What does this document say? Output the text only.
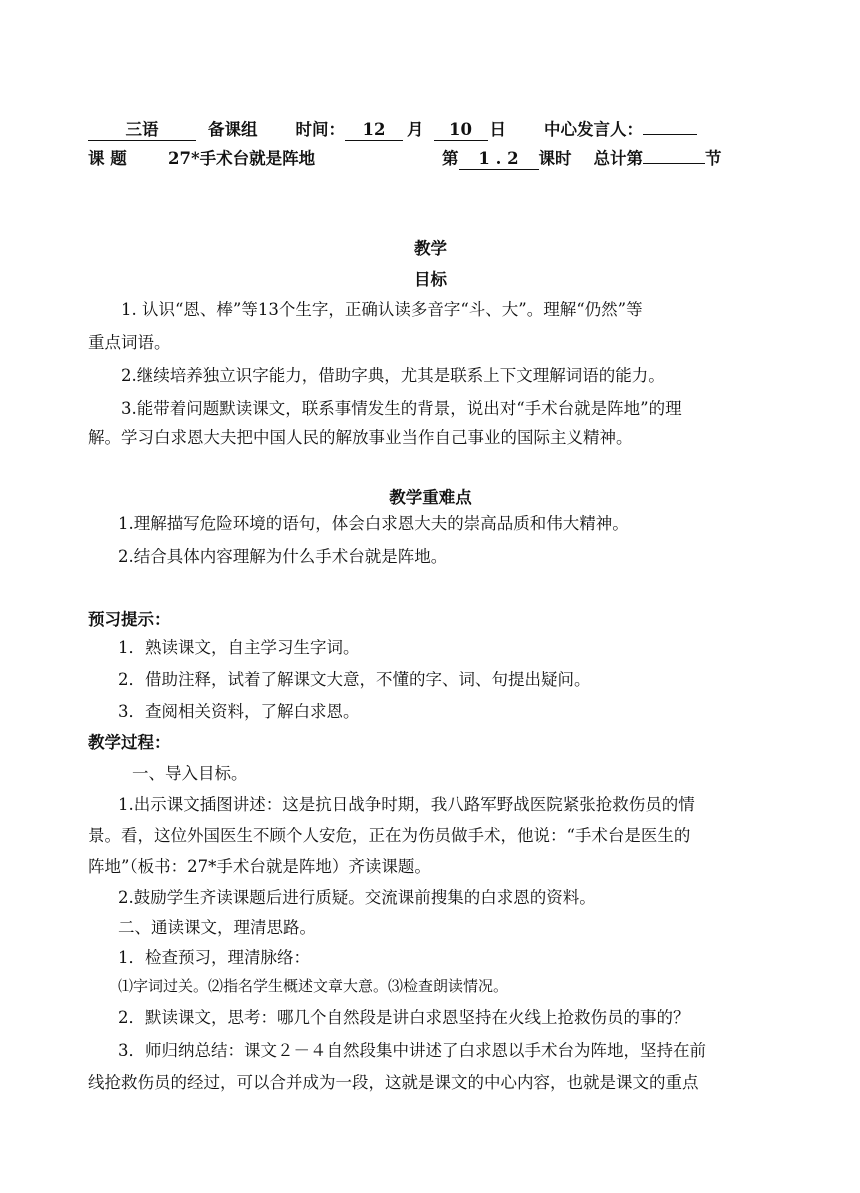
三语	备课组 时间： 12 月 10 日 中心发言人：
课 题	27*手术台就是阵地	第 1 . 2 课时 总计第	节
教学
目标
1. 认识“恩、棒”等13个生字，正确认读多音字“斗、大”。理解“仍然”等
重点词语。
2.继续培养独立识字能力，借助字典，尤其是联系上下文理解词语的能力。
3.能带着问题默读课文，联系事情发生的背景，说出对“手术台就是阵地”的理
解。学习白求恩大夫把中国人民的解放事业当作自己事业的国际主义精神。
教学重难点
1.理解描写危险环境的语句，体会白求恩大夫的崇高品质和伟大精神。
2.结合具体内容理解为什么手术台就是阵地。
预习提示：
1．熟读课文，自主学习生字词。
2．借助注释，试着了解课文大意，不懂的字、词、句提出疑问。
3．查阅相关资料，了解白求恩。
教学过程：
一、导入目标。
1.出示课文插图讲述：这是抗日战争时期，我八路军野战医院紧张抢救伤员的情
景。看，这位外国医生不顾个人安危，正在为伤员做手术，他说：“手术台是医生的
阵地”（板书：27*手术台就是阵地）齐读课题。
2.鼓励学生齐读课题后进行质疑。交流课前搜集的白求恩的资料。
二、通读课文，理清思路。
1．检查预习，理清脉络：
⑴字词过关。⑵指名学生概述文章大意。⑶检查朗读情况。
2．默读课文，思考：哪几个自然段是讲白求恩坚持在火线上抢救伤员的事的？
3．师归纳总结：课文２－４自然段集中讲述了白求恩以手术台为阵地，坚持在前
线抢救伤员的经过，可以合并成为一段，这就是课文的中心内容，也就是课文的重点
